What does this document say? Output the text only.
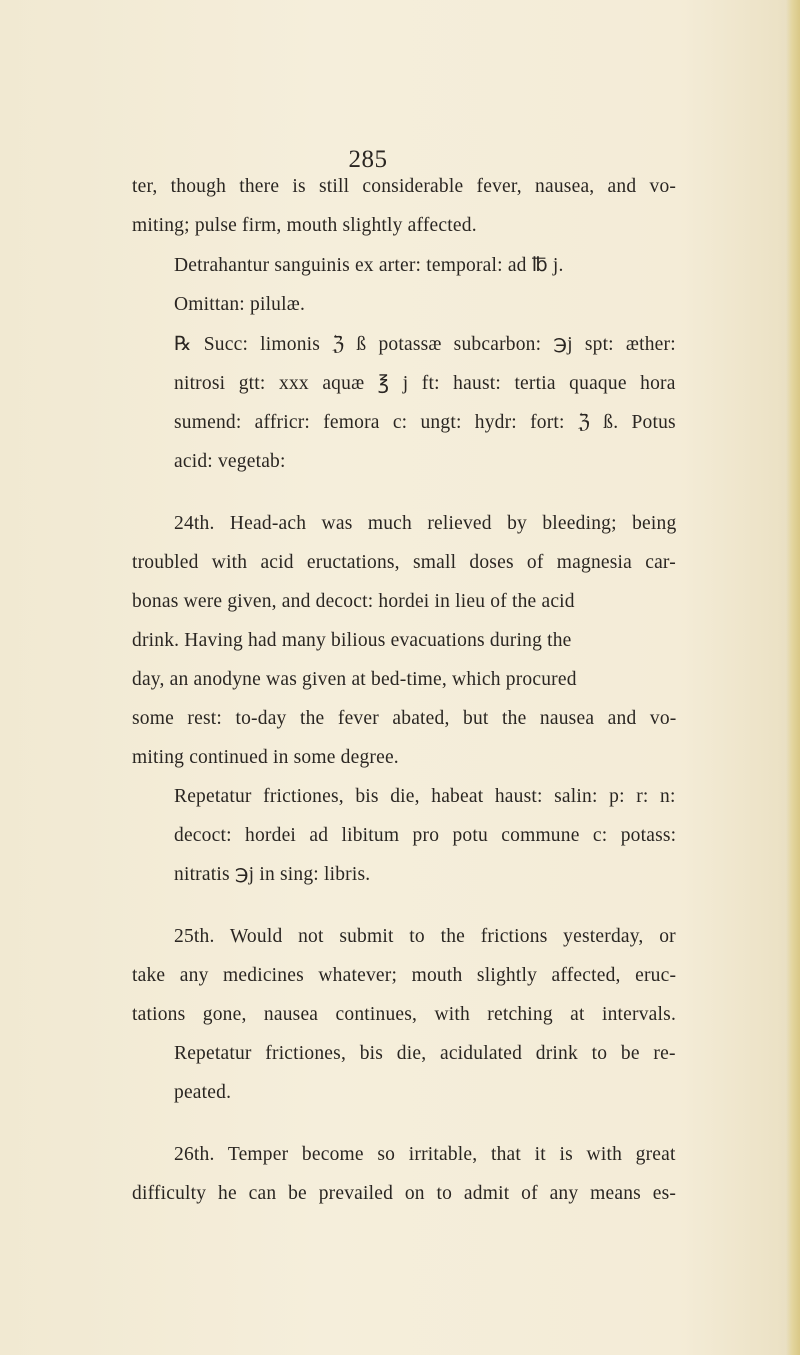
285
ter, though there is still considerable fever, nausea, and vo-
miting; pulse firm, mouth slightly affected.
Detrahantur sanguinis ex arter: temporal: ad ℔ j.
Omittan: pilulæ.
℞ Succ: limonis ℨ ß potassæ subcarbon: ℈j spt: æther:
nitrosi gtt: xxx aquæ ℥ j ft: haust: tertia quaque hora
sumend: affricr: femora c: ungt: hydr: fort: ℨ ß. Potus
acid: vegetab:
24th. Head-ach was much relieved by bleeding; being
troubled with acid eructations, small doses of magnesia car-
bonas were given, and decoct: hordei in lieu of the acid
drink. Having had many bilious evacuations during the
day, an anodyne was given at bed-time, which procured
some rest: to-day the fever abated, but the nausea and vo-
miting continued in some degree.
Repetatur frictiones, bis die, habeat haust: salin: p: r: n:
decoct: hordei ad libitum pro potu commune c: potass:
nitratis ℈j in sing: libris.
25th. Would not submit to the frictions yesterday, or
take any medicines whatever; mouth slightly affected, eruc-
tations gone, nausea continues, with retching at intervals.
Repetatur frictiones, bis die, acidulated drink to be re-
peated.
26th. Temper become so irritable, that it is with great
difficulty he can be prevailed on to admit of any means es-
